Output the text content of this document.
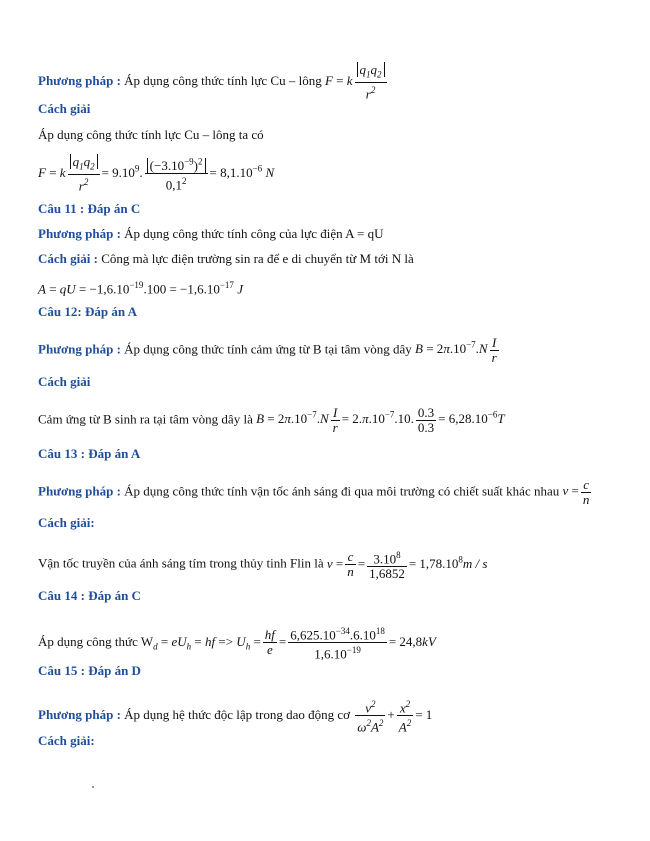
Phương pháp : Áp dụng công thức tính lực Cu – lông F = k $\frac{q_1q_2}{r^2}$
Cách giải
Áp dụng công thức tính lực Cu – lông ta có
F = k $\frac{q_1q_2}{r^2} = 9.10^9$. $\frac{(-3.10^{-9})^2}{0,1^2} = 8,1.10^{-6}$ N
Câu 11 : Đáp án C
Phương pháp : Áp dụng công thức tính công của lực điện A = qU
Cách giải : Công mà lực điện trường sin ra để e di chuyển từ M tới N là
A = qU = $-1,6.10^{-19}.100 = -1,6.10^{-17}$ J
Câu 12: Đáp án A
Phương pháp : Áp dụng công thức tính cảm ứng từ B tại tâm vòng dây $B = 2\pi.10^{-7}.N \frac{I}{r}$
Cách giải
Cảm ứng từ B sinh ra tại tâm vòng dây là $B = 2\pi.10^{-7}.N \frac{I}{r} = 2.\pi.10^{-7}.10$. $\frac{0.3}{0.3} = 6,28.10^{-6}T$
Câu 13 : Đáp án A
Phương pháp : Áp dụng công thức tính vận tốc ánh sáng đi qua môi trường có chiết suất khác nhau $v = \frac{c}{n}$
Cách giải:
Vận tốc truyền của ánh sáng tím trong thủy tinh Flin là $v = \frac{c}{n} = \frac{3.10^8}{1,6852} = 1,78.10^8m / s$
Câu 14 : Đáp án C
Áp dụng công thức $W_d = eU_h$ = hf => $U_h = \frac{hf}{e} = \frac{6,625.10^{-34}.6.10^{18}}{1,6.10^{-19}} = 24,8kV$
Câu 15 : Đáp án D
Phương pháp : Áp dụng hệ thức độc lập trong dao động cơ $\frac{v^2}{\omega^2A^2} + \frac{x^2}{A^2} = 1$
Cách giải:
